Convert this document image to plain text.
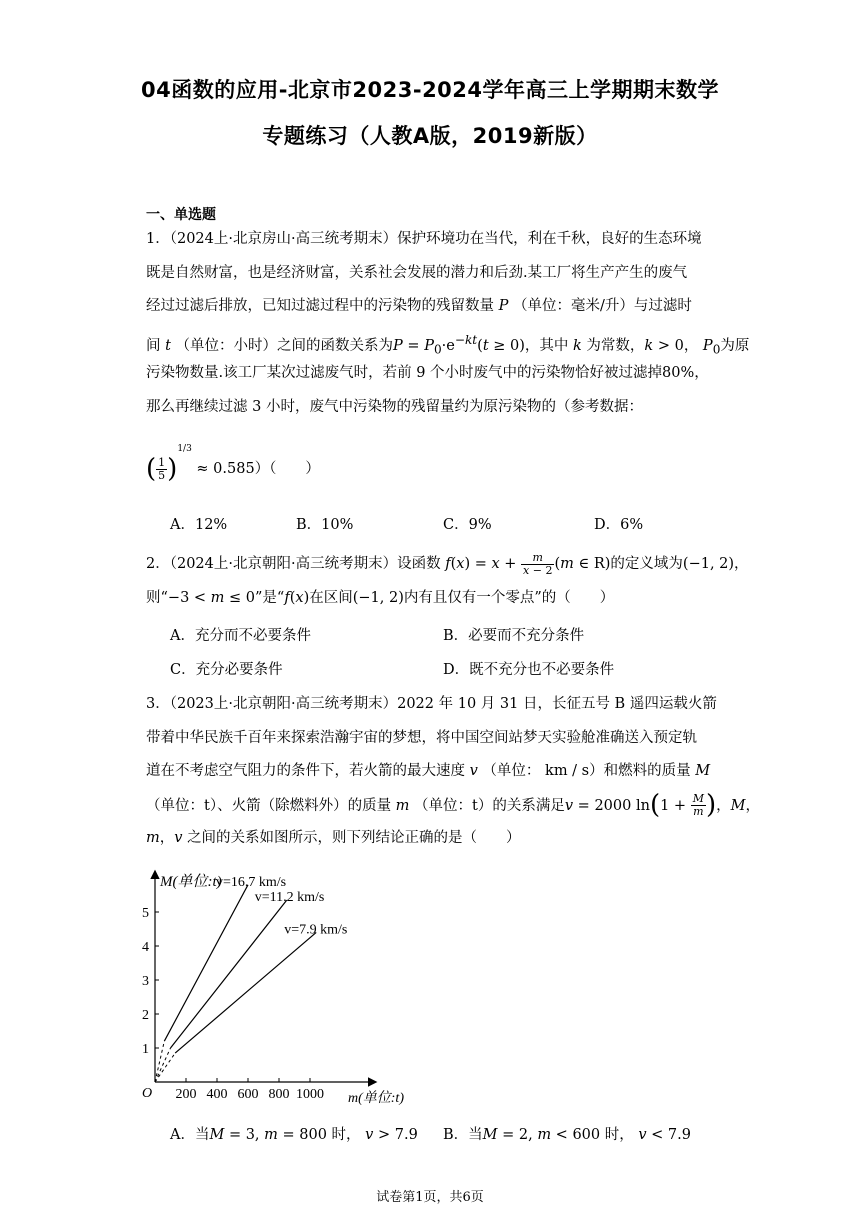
04函数的应用-北京市2023-2024学年高三上学期期末数学
专题练习（人教A版，2019新版）
一、单选题
1．（2024上·北京房山·高三统考期末）保护环境功在当代，利在千秋，良好的生态环境
既是自然财富，也是经济财富，关系社会发展的潜力和后劲.某工厂将生产产生的废气
经过过滤后排放，已知过滤过程中的污染物的残留数量 P （单位：毫米/升）与过滤时
间 t （单位：小时）之间的函数关系为$P = P_0\cdot e^{-kt}(t \ge 0)$，其中 k 为常数，k > 0， $P_0$为原
污染物数量.该工厂某次过滤废气时，若前 9 个小时废气中的污染物恰好被过滤掉80%，
那么再继续过滤 3 小时，废气中污染物的残留量约为原污染物的（参考数据：
( $\frac{1}{5} )^{1/3} \approx 0.585$）（　　）
A．12%	B．10%	C．9%	D．6%
2．（2024上·北京朝阳·高三统考期末）设函数 $f(x) = x + \frac{m}{x - 2} (m$ ∈ R)的定义域为(−1, 2)，
则“−3 < m ≤ 0”是“f(x)在区间(−1, 2)内有且仅有一个零点”的（　　）
A．充分而不必要条件	B．必要而不充分条件
C．充分必要条件	D．既不充分也不必要条件
3．（2023上·北京朝阳·高三统考期末）2022 年 10 月 31 日，长征五号 B 遥四运载火箭
带着中华民族千百年来探索浩瀚宇宙的梦想，将中国空间站梦天实验舱准确送入预定轨
道在不考虑空气阻力的条件下，若火箭的最大速度 v （单位： km / s）和燃料的质量 M
（单位：t）、火箭（除燃料外）的质量 m （单位：t）的关系满足v = 2000 $\ln(1 + \frac{M}{m}$ )，M，
m，v 之间的关系如图所示，则下列结论正确的是（　　）
M(单位:t)
m(单位:t)
O 200 400 600 800 1000
1
2
3
4
5
v=16.7 km/s
v=11.2 km/s
v=7.9 km/s
A．当M = 3, m = 800 时， v > 7.9 B．当M = 2, m < 600 时， v < 7.9
试卷第1页，共6页
